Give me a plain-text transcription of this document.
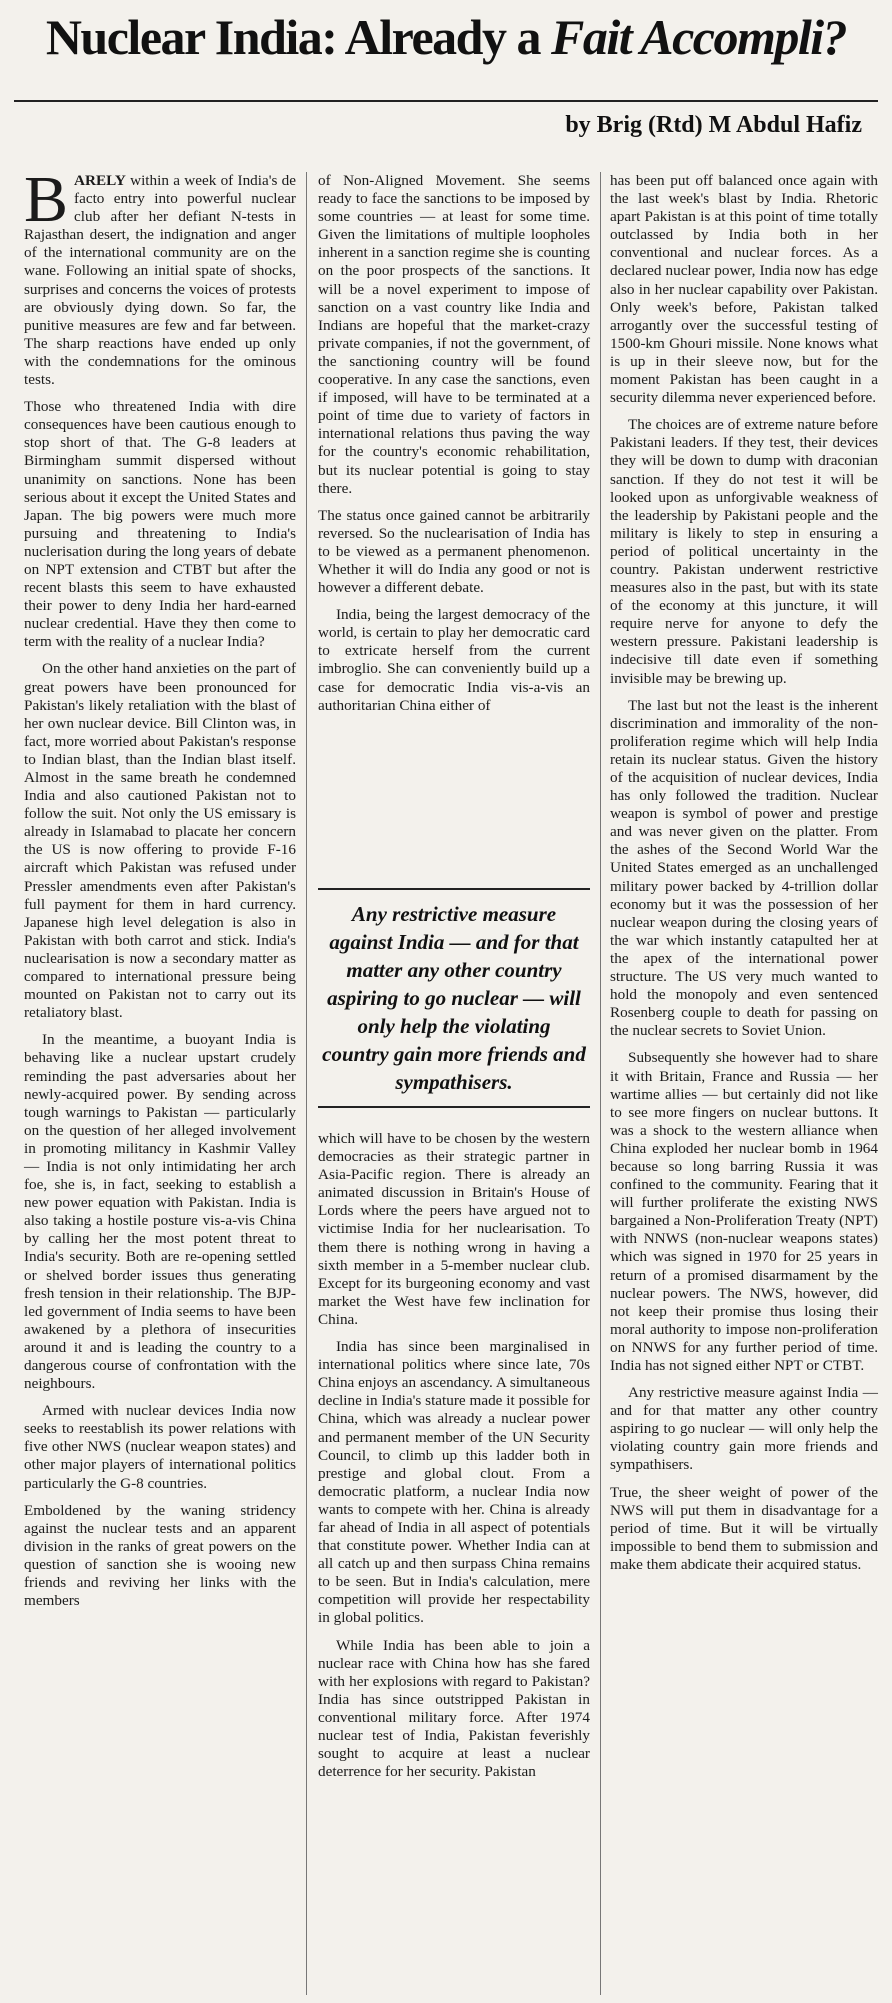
Nuclear India: Already a Fait Accompli?
by Brig (Rtd) M Abdul Hafiz

BARELY within a week of India's de facto entry into powerful nuclear club after her defiant N-tests in Rajasthan desert, the indignation and anger of the international community are on the wane. Following an initial spate of shocks, surprises and concerns the voices of protests are obviously dying down. So far, the punitive measures are few and far between. The sharp reactions have ended up only with the condemnations for the ominous tests.

Those who threatened India with dire consequences have been cautious enough to stop short of that. The G-8 leaders at Birmingham summit dispersed without unanimity on sanctions. None has been serious about it except the United States and Japan. The big powers were much more pursuing and threatening to India's nuclerisation during the long years of debate on NPT extension and CTBT but after the recent blasts this seem to have exhausted their power to deny India her hard-earned nuclear credential. Have they then come to term with the reality of a nuclear India?

On the other hand anxieties on the part of great powers have been pronounced for Pakistan's likely retaliation with the blast of her own nuclear device. Bill Clinton was, in fact, more worried about Pakistan's response to Indian blast, than the Indian blast itself. Almost in the same breath he condemned India and also cautioned Pakistan not to follow the suit. Not only the US emissary is already in Islamabad to placate her concern the US is now offering to provide F-16 aircraft which Pakistan was refused under Pressler amendments even after Pakistan's full payment for them in hard currency. Japanese high level delegation is also in Pakistan with both carrot and stick. India's nuclearisation is now a secondary matter as compared to international pressure being mounted on Pakistan not to carry out its retaliatory blast.

In the meantime, a buoyant India is behaving like a nuclear upstart crudely reminding the past adversaries about her newly-acquired power. By sending across tough warnings to Pakistan — particularly on the question of her alleged involvement in promoting militancy in Kashmir Valley — India is not only intimidating her arch foe, she is, in fact, seeking to establish a new power equation with Pakistan. India is also taking a hostile posture vis-a-vis China by calling her the most potent threat to India's security. Both are re-opening settled or shelved border issues thus generating fresh tension in their relationship. The BJP-led government of India seems to have been awakened by a plethora of insecurities around it and is leading the country to a dangerous course of confrontation with the neighbours.

Armed with nuclear devices India now seeks to reestablish its power relations with five other NWS (nuclear weapon states) and other major players of international politics particularly the G-8 countries.

Emboldened by the waning stridency against the nuclear tests and an apparent division in the ranks of great powers on the question of sanction she is wooing new friends and reviving her links with the members

of Non-Aligned Movement. She seems ready to face the sanctions to be imposed by some countries — at least for some time. Given the limitations of multiple loopholes inherent in a sanction regime she is counting on the poor prospects of the sanctions. It will be a novel experiment to impose of sanction on a vast country like India and Indians are hopeful that the market-crazy private companies, if not the government, of the sanctioning country will be found cooperative. In any case the sanctions, even if imposed, will have to be terminated at a point of time due to variety of factors in international relations thus paving the way for the country's economic rehabilitation, but its nuclear potential is going to stay there.

The status once gained cannot be arbitrarily reversed. So the nuclearisation of India has to be viewed as a permanent phenomenon. Whether it will do India any good or not is however a different debate.

India, being the largest democracy of the world, is certain to play her democratic card to extricate herself from the current imbroglio. She can conveniently build up a case for democratic India vis-a-vis an authoritarian China either of

Any restrictive measure against India — and for that matter any other country aspiring to go nuclear — will only help the violating country gain more friends and sympathisers.

which will have to be chosen by the western democracies as their strategic partner in Asia-Pacific region. There is already an animated discussion in Britain's House of Lords where the peers have argued not to victimise India for her nuclearisation. To them there is nothing wrong in having a sixth member in a 5-member nuclear club. Except for its burgeoning economy and vast market the West have few inclination for China.

India has since been marginalised in international politics where since late, 70s China enjoys an ascendancy. A simultaneous decline in India's stature made it possible for China, which was already a nuclear power and permanent member of the UN Security Council, to climb up this ladder both in prestige and global clout. From a democratic platform, a nuclear India now wants to compete with her. China is already far ahead of India in all aspect of potentials that constitute power. Whether India can at all catch up and then surpass China remains to be seen. But in India's calculation, mere competition will provide her respectability in global politics.

While India has been able to join a nuclear race with China how has she fared with her explosions with regard to Pakistan? India has since outstripped Pakistan in conventional military force. After 1974 nuclear test of India, Pakistan feverishly sought to acquire at least a nuclear deterrence for her security. Pakistan

has been put off balanced once again with the last week's blast by India. Rhetoric apart Pakistan is at this point of time totally outclassed by India both in her conventional and nuclear forces. As a declared nuclear power, India now has edge also in her nuclear capability over Pakistan. Only week's before, Pakistan talked arrogantly over the successful testing of 1500-km Ghouri missile. None knows what is up in their sleeve now, but for the moment Pakistan has been caught in a security dilemma never experienced before.

The choices are of extreme nature before Pakistani leaders. If they test, their devices they will be down to dump with draconian sanction. If they do not test it will be looked upon as unforgivable weakness of the leadership by Pakistani people and the military is likely to step in ensuring a period of political uncertainty in the country. Pakistan underwent restrictive measures also in the past, but with its state of the economy at this juncture, it will require nerve for anyone to defy the western pressure. Pakistani leadership is indecisive till date even if something invisible may be brewing up.

The last but not the least is the inherent discrimination and immorality of the non-proliferation regime which will help India retain its nuclear status. Given the history of the acquisition of nuclear devices, India has only followed the tradition. Nuclear weapon is symbol of power and prestige and was never given on the platter. From the ashes of the Second World War the United States emerged as an unchallenged military power backed by 4-trillion dollar economy but it was the possession of her nuclear weapon during the closing years of the war which instantly catapulted her at the apex of the international power structure. The US very much wanted to hold the monopoly and even sentenced Rosenberg couple to death for passing on the nuclear secrets to Soviet Union.

Subsequently she however had to share it with Britain, France and Russia — her wartime allies — but certainly did not like to see more fingers on nuclear buttons. It was a shock to the western alliance when China exploded her nuclear bomb in 1964 because so long barring Russia it was confined to the community. Fearing that it will further proliferate the existing NWS bargained a Non-Proliferation Treaty (NPT) with NNWS (non-nuclear weapons states) which was signed in 1970 for 25 years in return of a promised disarmament by the nuclear powers. The NWS, however, did not keep their promise thus losing their moral authority to impose non-proliferation on NNWS for any further period of time. India has not signed either NPT or CTBT.

Any restrictive measure against India — and for that matter any other country aspiring to go nuclear — will only help the violating country gain more friends and sympathisers.

True, the sheer weight of power of the NWS will put them in disadvantage for a period of time. But it will be virtually impossible to bend them to submission and make them abdicate their acquired status.
